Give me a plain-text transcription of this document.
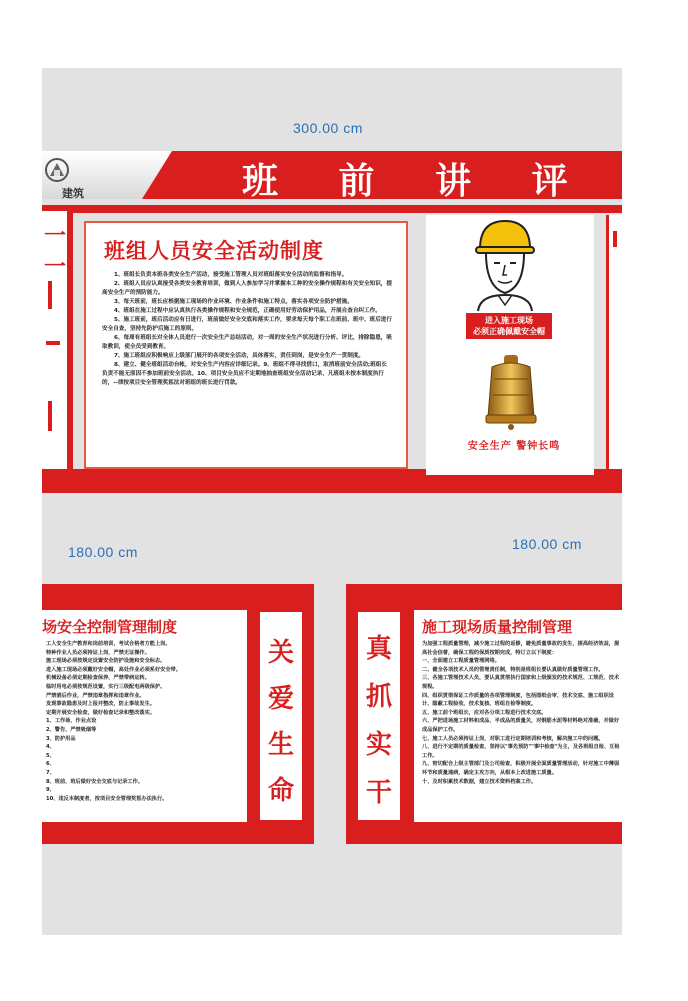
300.00 cm
180.00 cm	180.00 cm
建筑	班 前 讲 评 台
一 一
班组人员安全活动制度

1、班组长负责本班各类安全生产活动，接受施工管理人员对班组落实安全活动的监督和指导。

2、班组人员应认真接受各类安全教育培训，做到人人参加学习并掌握本工种的安全操作规程和有关安全知识，提高安全生产的预防能力。

3、每天班前，班长应根据施工现场的作业环境、作业条件和施工特点，落实各项安全防护措施。

4、班组在施工过程中应认真执行各类操作规程和安全规范，正确使用好劳动保护用品，开展自查自纠工作。

5、施工班前，班后活动应有日进行，班前做好安全交底和落实工作，要求每天每个职工在班前、班中、班后进行安全自查，坚持先防护后施工的原则。

6、每周有班组长对全体人员进行一次安全生产总结活动，对一周的安全生产状况进行分析、评比，排除隐患，吸取教训，使全员受到教育。

7、施工班组应积极响应上级部门展开的各项安全活动，具体落实，责任到岗，是安全生产一贯制度。

8、建立、健全班组活动台帐，对安全生产内容应详细记录。9、班组不得寻找借口，取消班前安全活动;班组长负责不能无原因不参加班前安全活动。10、项目安全员应不定期地抽查班组安全活动记录，凡班组未按本制度执行的，--律按项目安全管理奖惩法对班组的班长进行罚款。

进入施工现场
必须正确佩戴安全帽
安全生产 警钟长鸣
场安全控制管理制度

工人安全生产教育和岗前培训，考试合格者方能上岗。

特种作业人员必须持证上岗，严禁无证操作。

施工现场必须按规定设置安全防护设施和安全标志。

进入施工现场必须戴好安全帽，高处作业必须系好安全带。

机械设备必须定期检查保养，严禁带病运转。

临时用电必须按规范设置，实行三级配电两级保护。

严禁酒后作业，严禁违章指挥和违章作业。

发现事故隐患及时上报并整改，防止事故发生。

定期开展安全检查，做好检查记录和整改落实。

1、工作场、作业点设

2、警告、严禁吸烟等

3、防护用品

4、

5、

6、

7、

8、班前、班后做好安全交底与记录工作。

9、

10、违反本制度者，按项目安全管理奖惩办法执行。

关
爱
生
命
真
抓
实
干
施工现场质量控制管理

为加强工程质量管理，减少施工过程的返修，避免质量事故的发生，提高经济效益，提高社会信誉，确保工程的保质按期完成，特订立以下制度：

一、全面建立工程质量管理网络。

二、健全各项技术人员的管理责任制，特别是班组长要认真做好质量管理工作。

三、各施工管理技术人员，要认真贯彻执行国家和上级颁发的技术规范、工规范、技术规程。

四、组织贯彻保证工作质量的各项管理制度，包括图纸会审、技术交底、施工组织设计、隐蔽工程验收、技术复核、班组自检等制度。

五、施工前个班组长，应对各分项工程进行技术交底。

六、严把进场施工材料和成品、半成品的质量关，对钢筋水泥等材料绝对准确，并做好成品保护工作。

七、施工人员必须持证上岗，对职工进行定期培训和考核，解决施工中的问题。

八、进行不定期的质量检查，坚持以"事先预防""事中检查"为主，及各班组自检、互检工作。

九、密切配合上级主管部门及公司检查，积极开展全面质量管理活动，针对施工中薄弱环节和质量通病，确定主攻方向，从根本上改进施工质量。

十、及时积累技术数据，建立技术资料档案工作。
